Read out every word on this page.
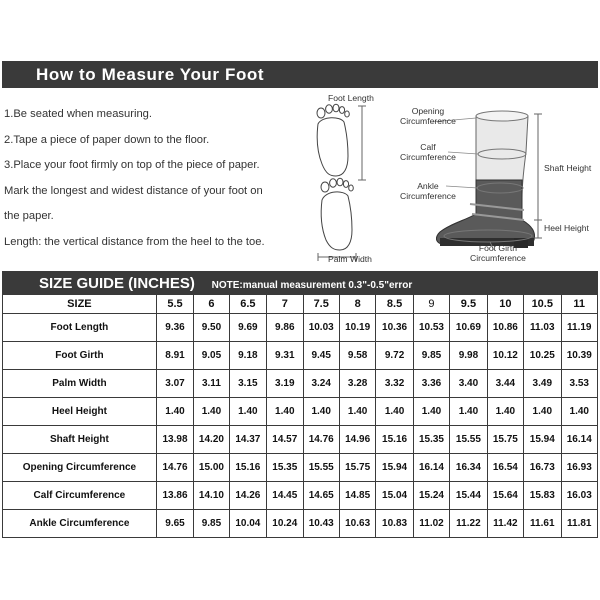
How to Measure Your Foot
1.Be seated when measuring.
2.Tape a piece of paper down to the floor.
3.Place your foot firmly on top of the piece of paper.
Mark the longest and widest distance of your foot on
the paper.
Length: the vertical distance from the heel to the toe.
Foot Length
Palm Width
Opening
Circumference
Calf
Circumference
Ankle
Circumference
Shaft Height
Heel Height
Foot Girth
Circumference
SIZE GUIDE (INCHES) NOTE:manual measurement 0.3"-0.5"error												
SIZE	5.5	6	6.5	7	7.5	8	8.5	9	9.5	10	10.5	11
Foot Length	9.36	9.50	9.69	9.86	10.03	10.19	10.36	10.53	10.69	10.86	11.03	11.19
Foot Girth	8.91	9.05	9.18	9.31	9.45	9.58	9.72	9.85	9.98	10.12	10.25	10.39
Palm Width	3.07	3.11	3.15	3.19	3.24	3.28	3.32	3.36	3.40	3.44	3.49	3.53
Heel Height	1.40	1.40	1.40	1.40	1.40	1.40	1.40	1.40	1.40	1.40	1.40	1.40
Shaft Height	13.98	14.20	14.37	14.57	14.76	14.96	15.16	15.35	15.55	15.75	15.94	16.14
Opening Circumference	14.76	15.00	15.16	15.35	15.55	15.75	15.94	16.14	16.34	16.54	16.73	16.93
Calf Circumference	13.86	14.10	14.26	14.45	14.65	14.85	15.04	15.24	15.44	15.64	15.83	16.03
Ankle Circumference	9.65	9.85	10.04	10.24	10.43	10.63	10.83	11.02	11.22	11.42	11.61	11.81
